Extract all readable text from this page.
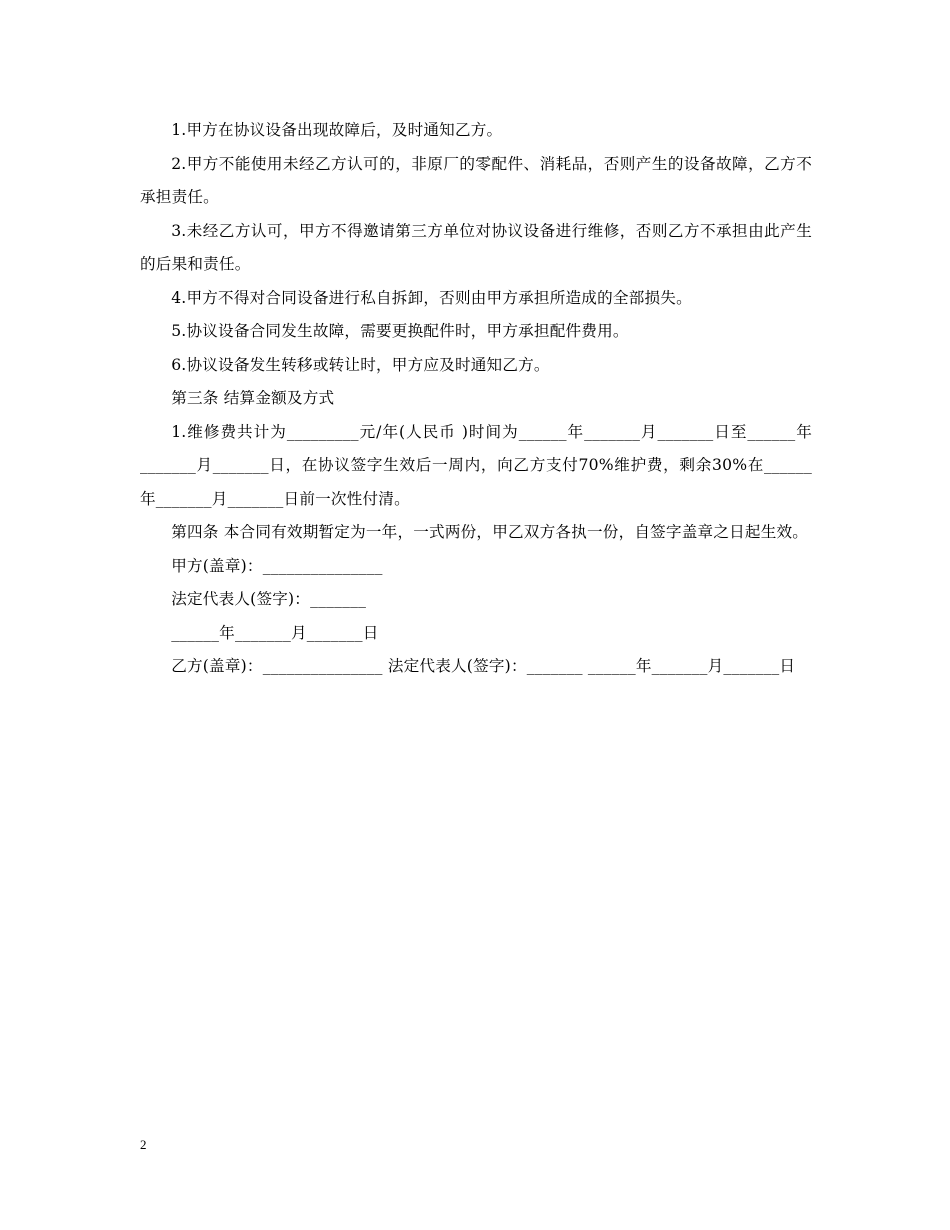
1.甲方在协议设备出现故障后，及时通知乙方。

2.甲方不能使用未经乙方认可的，非原厂的零配件、消耗品，否则产生的设备故障，乙方不承担责任。

3.未经乙方认可，甲方不得邀请第三方单位对协议设备进行维修，否则乙方不承担由此产生的后果和责任。

4.甲方不得对合同设备进行私自拆卸，否则由甲方承担所造成的全部损失。

5.协议设备合同发生故障，需要更换配件时，甲方承担配件费用。

6.协议设备发生转移或转让时，甲方应及时通知乙方。

第三条 结算金额及方式

1.维修费共计为_________元/年(人民币 )时间为______年_______月_______日至______年_______月_______日，在协议签字生效后一周内，向乙方支付70%维护费，剩余30%在______年_______月_______日前一次性付清。

第四条 本合同有效期暂定为一年，一式两份，甲乙双方各执一份，自签字盖章之日起生效。

甲方(盖章)：_______________

法定代表人(签字)：_______

______年_______月_______日

乙方(盖章)：_______________ 法定代表人(签字)：_______ ______年_______月_______日

2
